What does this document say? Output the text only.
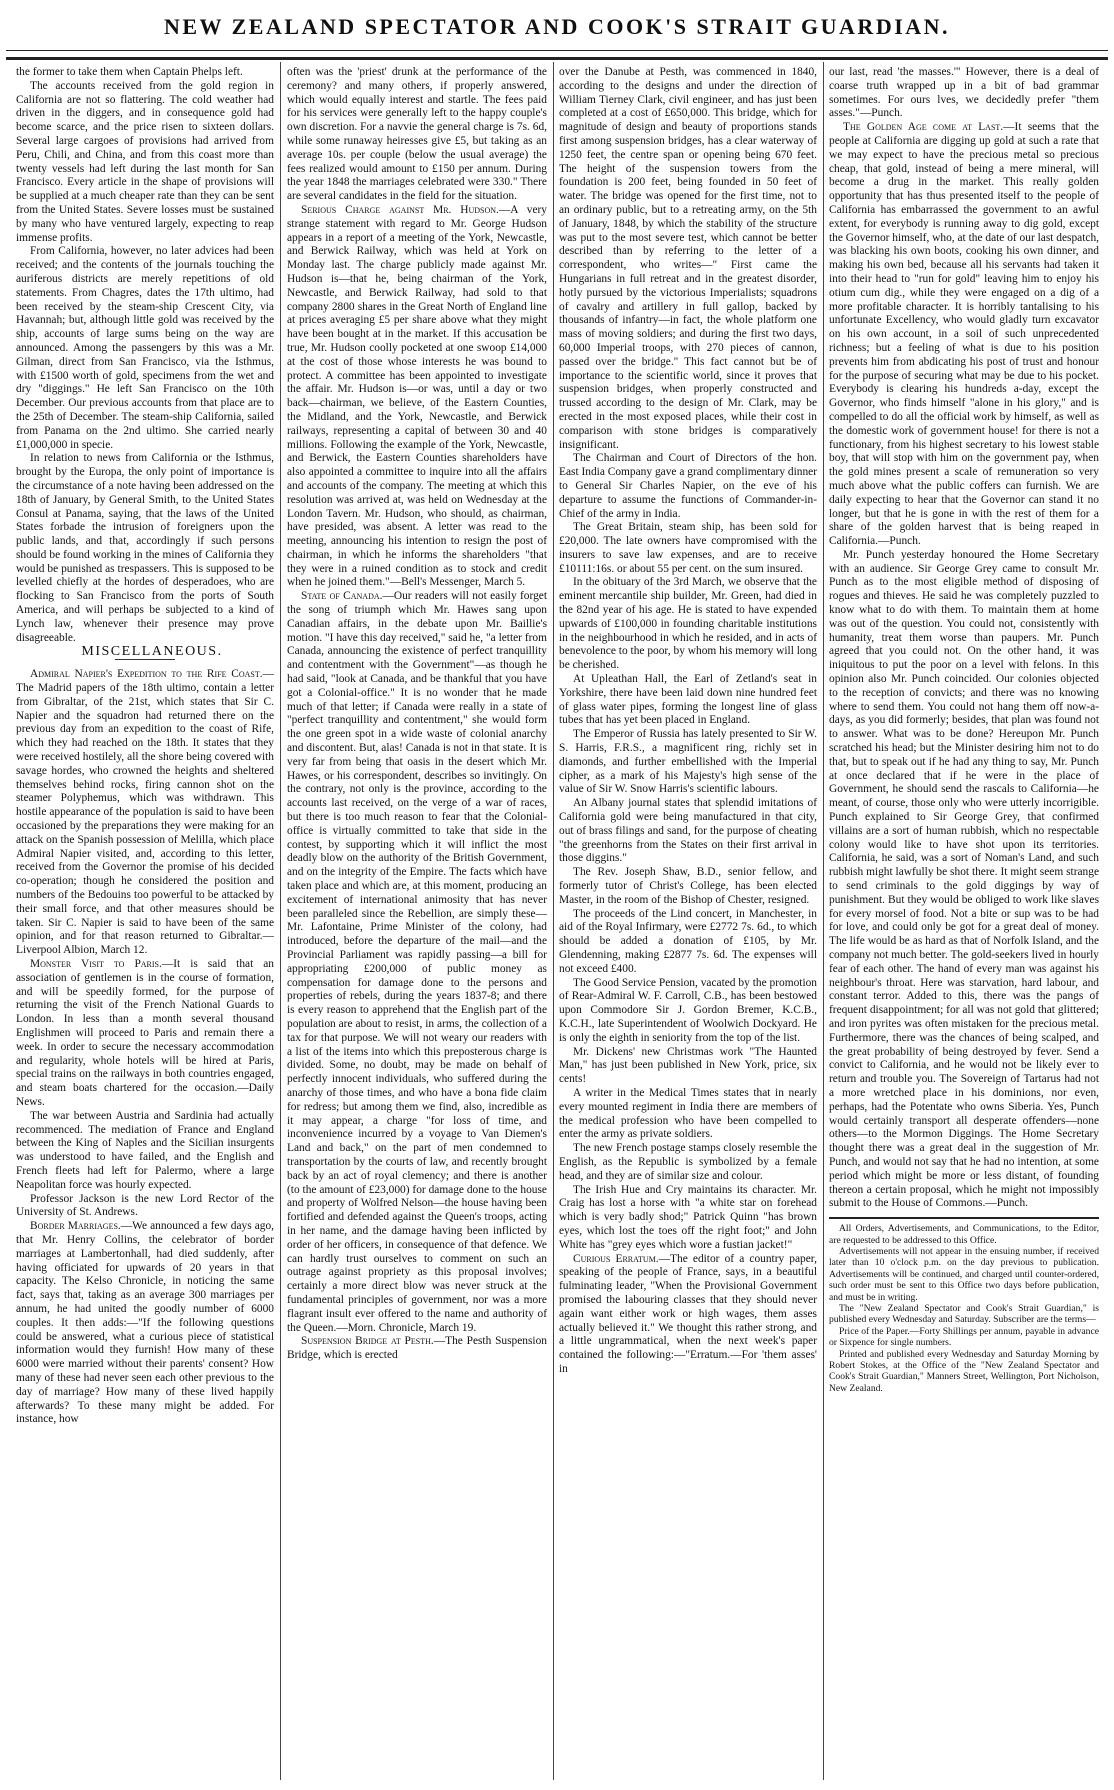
NEW ZEALAND SPECTATOR AND COOK'S STRAIT GUARDIAN.

the former to take them when Captain Phelps left.

The accounts received from the gold region in California are not so flattering. The cold weather had driven in the diggers, and in consequence gold had become scarce, and the price risen to sixteen dollars. Several large cargoes of provisions had arrived from Peru, Chili, and China, and from this coast more than twenty vessels had left during the last month for San Francisco. Every article in the shape of provisions will be supplied at a much cheaper rate than they can be sent from the United States. Severe losses must be sustained by many who have ventured largely, expecting to reap immense profits.

From California, however, no later advices had been received; and the contents of the journals touching the auriferous districts are merely repetitions of old statements. From Chagres, dates the 17th ultimo, had been received by the steam-ship Crescent City, via Havannah; but, although little gold was received by the ship, accounts of large sums being on the way are announced. Among the passengers by this was a Mr. Gilman, direct from San Francisco, via the Isthmus, with £1500 worth of gold, specimens from the wet and dry "diggings." He left San Francisco on the 10th December. Our previous accounts from that place are to the 25th of December. The steam-ship California, sailed from Panama on the 2nd ultimo. She carried nearly £1,000,000 in specie.

In relation to news from California or the Isthmus, brought by the Europa, the only point of importance is the circumstance of a note having been addressed on the 18th of January, by General Smith, to the United States Consul at Panama, saying, that the laws of the United States forbade the intrusion of foreigners upon the public lands, and that, accordingly if such persons should be found working in the mines of California they would be punished as trespassers. This is supposed to be levelled chiefly at the hordes of desperadoes, who are flocking to San Francisco from the ports of South America, and will perhaps be subjected to a kind of Lynch law, whenever their presence may prove disagreeable.

MISCELLANEOUS.

Admiral Napier's Expedition to the Rife Coast.—The Madrid papers of the 18th ultimo, contain a letter from Gibraltar, of the 21st, which states that Sir C. Napier and the squadron had returned there on the previous day from an expedition to the coast of Rife, which they had reached on the 18th. It states that they were received hostilely, all the shore being covered with savage hordes, who crowned the heights and sheltered themselves behind rocks, firing cannon shot on the steamer Polyphemus, which was withdrawn. This hostile appearance of the population is said to have been occasioned by the preparations they were making for an attack on the Spanish possession of Melilla, which place Admiral Napier visited, and, according to this letter, received from the Governor the promise of his decided co-operation; though he considered the position and numbers of the Bedouins too powerful to be attacked by their small force, and that other measures should be taken. Sir C. Napier is said to have been of the same opinion, and for that reason returned to Gibraltar.—Liverpool Albion, March 12.

Monster Visit to Paris.—It is said that an association of gentlemen is in the course of formation, and will be speedily formed, for the purpose of returning the visit of the French National Guards to London. In less than a month several thousand Englishmen will proceed to Paris and remain there a week. In order to secure the necessary accommodation and regularity, whole hotels will be hired at Paris, special trains on the railways in both countries engaged, and steam boats chartered for the occasion.—Daily News.

The war between Austria and Sardinia had actually recommenced. The mediation of France and England between the King of Naples and the Sicilian insurgents was understood to have failed, and the English and French fleets had left for Palermo, where a large Neapolitan force was hourly expected.

Professor Jackson is the new Lord Rector of the University of St. Andrews.

Border Marriages.—We announced a few days ago, that Mr. Henry Collins, the celebrator of border marriages at Lambertonhall, had died suddenly, after having officiated for upwards of 20 years in that capacity. The Kelso Chronicle, in noticing the same fact, says that, taking as an average 300 marriages per annum, he had united the goodly number of 6000 couples. It then adds:—"If the following questions could be answered, what a curious piece of statistical information would they furnish! How many of these 6000 were married without their parents' consent? How many of these had never seen each other previous to the day of marriage? How many of these lived happily afterwards? To these many might be added. For instance, how

often was the 'priest' drunk at the performance of the ceremony? and many others, if properly answered, which would equally interest and startle. The fees paid for his services were generally left to the happy couple's own discretion. For a navvie the general charge is 7s. 6d, while some runaway heiresses give £5, but taking as an average 10s. per couple (below the usual average) the fees realized would amount to £150 per annum. During the year 1848 the marriages celebrated were 330." There are several candidates in the field for the situation.

Serious Charge against Mr. Hudson.—A very strange statement with regard to Mr. George Hudson appears in a report of a meeting of the York, Newcastle, and Berwick Railway, which was held at York on Monday last. The charge publicly made against Mr. Hudson is—that he, being chairman of the York, Newcastle, and Berwick Railway, had sold to that company 2800 shares in the Great North of England line at prices averaging £5 per share above what they might have been bought at in the market. If this accusation be true, Mr. Hudson coolly pocketed at one swoop £14,000 at the cost of those whose interests he was bound to protect. A committee has been appointed to investigate the affair. Mr. Hudson is—or was, until a day or two back—chairman, we believe, of the Eastern Counties, the Midland, and the York, Newcastle, and Berwick railways, representing a capital of between 30 and 40 millions. Following the example of the York, Newcastle, and Berwick, the Eastern Counties shareholders have also appointed a committee to inquire into all the affairs and accounts of the company. The meeting at which this resolution was arrived at, was held on Wednesday at the London Tavern. Mr. Hudson, who should, as chairman, have presided, was absent. A letter was read to the meeting, announcing his intention to resign the post of chairman, in which he informs the shareholders "that they were in a ruined condition as to stock and credit when he joined them."—Bell's Messenger, March 5.

State of Canada.—Our readers will not easily forget the song of triumph which Mr. Hawes sang upon Canadian affairs, in the debate upon Mr. Baillie's motion. "I have this day received," said he, "a letter from Canada, announcing the existence of perfect tranquillity and contentment with the Government"—as though he had said, "look at Canada, and be thankful that you have got a Colonial-office." It is no wonder that he made much of that letter; if Canada were really in a state of "perfect tranquillity and contentment," she would form the one green spot in a wide waste of colonial anarchy and discontent. But, alas! Canada is not in that state. It is very far from being that oasis in the desert which Mr. Hawes, or his correspondent, describes so invitingly. On the contrary, not only is the province, according to the accounts last received, on the verge of a war of races, but there is too much reason to fear that the Colonial-office is virtually committed to take that side in the contest, by supporting which it will inflict the most deadly blow on the authority of the British Government, and on the integrity of the Empire. The facts which have taken place and which are, at this moment, producing an excitement of international animosity that has never been paralleled since the Rebellion, are simply these—Mr. Lafontaine, Prime Minister of the colony, had introduced, before the departure of the mail—and the Provincial Parliament was rapidly passing—a bill for appropriating £200,000 of public money as compensation for damage done to the persons and properties of rebels, during the years 1837-8; and there is every reason to apprehend that the English part of the population are about to resist, in arms, the collection of a tax for that purpose. We will not weary our readers with a list of the items into which this preposterous charge is divided. Some, no doubt, may be made on behalf of perfectly innocent individuals, who suffered during the anarchy of those times, and who have a bona fide claim for redress; but among them we find, also, incredible as it may appear, a charge "for loss of time, and inconvenience incurred by a voyage to Van Diemen's Land and back," on the part of men condemned to transportation by the courts of law, and recently brought back by an act of royal clemency; and there is another (to the amount of £23,000) for damage done to the house and property of Wolfred Nelson—the house having been fortified and defended against the Queen's troops, acting in her name, and the damage having been inflicted by order of her officers, in consequence of that defence. We can hardly trust ourselves to comment on such an outrage against propriety as this proposal involves; certainly a more direct blow was never struck at the fundamental principles of government, nor was a more flagrant insult ever offered to the name and authority of the Queen.—Morn. Chronicle, March 19.

Suspension Bridge at Pesth.—The Pesth Suspension Bridge, which is erected

over the Danube at Pesth, was commenced in 1840, according to the designs and under the direction of William Tierney Clark, civil engineer, and has just been completed at a cost of £650,000. This bridge, which for magnitude of design and beauty of proportions stands first among suspension bridges, has a clear waterway of 1250 feet, the centre span or opening being 670 feet. The height of the suspension towers from the foundation is 200 feet, being founded in 50 feet of water. The bridge was opened for the first time, not to an ordinary public, but to a retreating army, on the 5th of January, 1848, by which the stability of the structure was put to the most severe test, which cannot be better described than by referring to the letter of a correspondent, who writes—" First came the Hungarians in full retreat and in the greatest disorder, hotly pursued by the victorious Imperialists; squadrons of cavalry and artillery in full gallop, backed by thousands of infantry—in fact, the whole platform one mass of moving soldiers; and during the first two days, 60,000 Imperial troops, with 270 pieces of cannon, passed over the bridge." This fact cannot but be of importance to the scientific world, since it proves that suspension bridges, when properly constructed and trussed according to the design of Mr. Clark, may be erected in the most exposed places, while their cost in comparison with stone bridges is comparatively insignificant.

The Chairman and Court of Directors of the hon. East India Company gave a grand complimentary dinner to General Sir Charles Napier, on the eve of his departure to assume the functions of Commander-in-Chief of the army in India.

The Great Britain, steam ship, has been sold for £20,000. The late owners have compromised with the insurers to save law expenses, and are to receive £10111:16s. or about 55 per cent. on the sum insured.

In the obituary of the 3rd March, we observe that the eminent mercantile ship builder, Mr. Green, had died in the 82nd year of his age. He is stated to have expended upwards of £100,000 in founding charitable institutions in the neighbourhood in which he resided, and in acts of benevolence to the poor, by whom his memory will long be cherished.

At Upleathan Hall, the Earl of Zetland's seat in Yorkshire, there have been laid down nine hundred feet of glass water pipes, forming the longest line of glass tubes that has yet been placed in England.

The Emperor of Russia has lately presented to Sir W. S. Harris, F.R.S., a magnificent ring, richly set in diamonds, and further embellished with the Imperial cipher, as a mark of his Majesty's high sense of the value of Sir W. Snow Harris's scientific labours.

An Albany journal states that splendid imitations of California gold were being manufactured in that city, out of brass filings and sand, for the purpose of cheating "the greenhorns from the States on their first arrival in those diggins."

The Rev. Joseph Shaw, B.D., senior fellow, and formerly tutor of Christ's College, has been elected Master, in the room of the Bishop of Chester, resigned.

The proceeds of the Lind concert, in Manchester, in aid of the Royal Infirmary, were £2772 7s. 6d., to which should be added a donation of £105, by Mr. Glendenning, making £2877 7s. 6d. The expenses will not exceed £400.

The Good Service Pension, vacated by the promotion of Rear-Admiral W. F. Carroll, C.B., has been bestowed upon Commodore Sir J. Gordon Bremer, K.C.B., K.C.H., late Superintendent of Woolwich Dockyard. He is only the eighth in seniority from the top of the list.

Mr. Dickens' new Christmas work "The Haunted Man," has just been published in New York, price, six cents!

A writer in the Medical Times states that in nearly every mounted regiment in India there are members of the medical profession who have been compelled to enter the army as private soldiers.

The new French postage stamps closely resemble the English, as the Republic is symbolized by a female head, and they are of similar size and colour.

The Irish Hue and Cry maintains its character. Mr. Craig has lost a horse with "a white star on forehead which is very badly shod;" Patrick Quinn "has brown eyes, which lost the toes off the right foot;" and John White has "grey eyes which wore a fustian jacket!"

Curious Erratum.—The editor of a country paper, speaking of the people of France, says, in a beautiful fulminating leader, "When the Provisional Government promised the labouring classes that they should never again want either work or high wages, them asses actually believed it." We thought this rather strong, and a little ungrammatical, when the next week's paper contained the following:—"Erratum.—For 'them asses' in

our last, read 'the masses.'" However, there is a deal of coarse truth wrapped up in a bit of bad grammar sometimes. For ours lves, we decidedly prefer "them asses."—Punch.

The Golden Age come at Last.—It seems that the people at California are digging up gold at such a rate that we may expect to have the precious metal so precious cheap, that gold, instead of being a mere mineral, will become a drug in the market. This really golden opportunity that has thus presented itself to the people of California has embarrassed the government to an awful extent, for everybody is running away to dig gold, except the Governor himself, who, at the date of our last despatch, was blacking his own boots, cooking his own dinner, and making his own bed, because all his servants had taken it into their head to "run for gold" leaving him to enjoy his otium cum dig., while they were engaged on a dig of a more profitable character. It is horribly tantalising to his unfortunate Excellency, who would gladly turn excavator on his own account, in a soil of such unprecedented richness; but a feeling of what is due to his position prevents him from abdicating his post of trust and honour for the purpose of securing what may be due to his pocket. Everybody is clearing his hundreds a-day, except the Governor, who finds himself "alone in his glory," and is compelled to do all the official work by himself, as well as the domestic work of government house! for there is not a functionary, from his highest secretary to his lowest stable boy, that will stop with him on the government pay, when the gold mines present a scale of remuneration so very much above what the public coffers can furnish. We are daily expecting to hear that the Governor can stand it no longer, but that he is gone in with the rest of them for a share of the golden harvest that is being reaped in California.—Punch.

Mr. Punch yesterday honoured the Home Secretary with an audience. Sir George Grey came to consult Mr. Punch as to the most eligible method of disposing of rogues and thieves. He said he was completely puzzled to know what to do with them. To maintain them at home was out of the question. You could not, consistently with humanity, treat them worse than paupers. Mr. Punch agreed that you could not. On the other hand, it was iniquitous to put the poor on a level with felons. In this opinion also Mr. Punch coincided. Our colonies objected to the reception of convicts; and there was no knowing where to send them. You could not hang them off now-a-days, as you did formerly; besides, that plan was found not to answer. What was to be done? Hereupon Mr. Punch scratched his head; but the Minister desiring him not to do that, but to speak out if he had any thing to say, Mr. Punch at once declared that if he were in the place of Government, he should send the rascals to California—he meant, of course, those only who were utterly incorrigible. Punch explained to Sir George Grey, that confirmed villains are a sort of human rubbish, which no respectable colony would like to have shot upon its territories. California, he said, was a sort of Noman's Land, and such rubbish might lawfully be shot there. It might seem strange to send criminals to the gold diggings by way of punishment. But they would be obliged to work like slaves for every morsel of food. Not a bite or sup was to be had for love, and could only be got for a great deal of money. The life would be as hard as that of Norfolk Island, and the company not much better. The gold-seekers lived in hourly fear of each other. The hand of every man was against his neighbour's throat. Here was starvation, hard labour, and constant terror. Added to this, there was the pangs of frequent disappointment; for all was not gold that glittered; and iron pyrites was often mistaken for the precious metal. Furthermore, there was the chances of being scalped, and the great probability of being destroyed by fever. Send a convict to California, and he would not be likely ever to return and trouble you. The Sovereign of Tartarus had not a more wretched place in his dominions, nor even, perhaps, had the Potentate who owns Siberia. Yes, Punch would certainly transport all desperate offenders—none others—to the Mormon Diggings. The Home Secretary thought there was a great deal in the suggestion of Mr. Punch, and would not say that he had no intention, at some period which might be more or less distant, of founding thereon a certain proposal, which he might not impossibly submit to the House of Commons.—Punch.

All Orders, Advertisements, and Communications, to the Editor, are requested to be addressed to this Office.

Advertisements will not appear in the ensuing number, if received later than 10 o'clock p.m. on the day previous to publication. Advertisements will be continued, and charged until counter-ordered, such order must be sent to this Office two days before publication, and must be in writing.

The "New Zealand Spectator and Cook's Strait Guardian," is published every Wednesday and Saturday. Subscriber are the terms—

Price of the Paper.—Forty Shillings per annum, payable in advance or Sixpence for single numbers.

Printed and published every Wednesday and Saturday Morning by Robert Stokes, at the Office of the "New Zealand Spectator and Cook's Strait Guardian," Manners Street, Wellington, Port Nicholson, New Zealand.
